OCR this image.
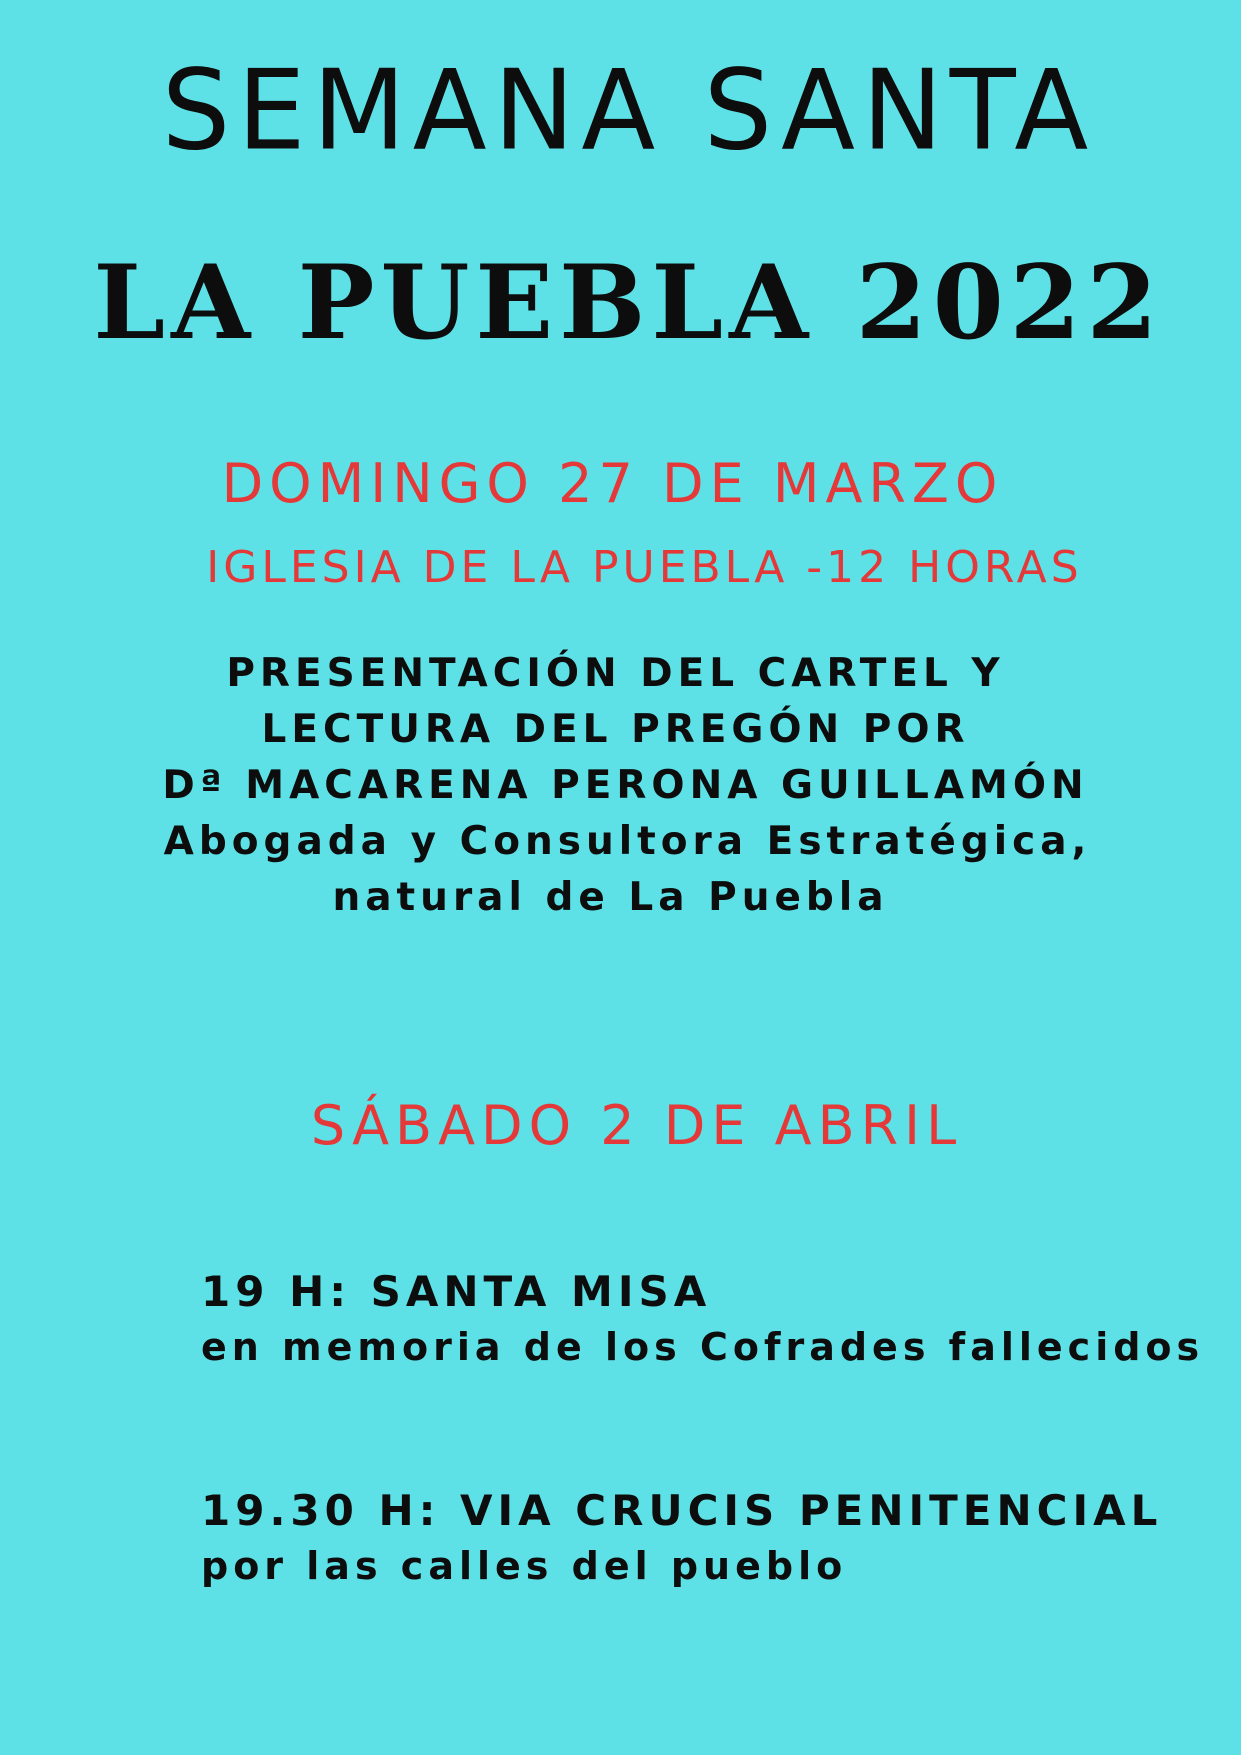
SEMANA SANTA
LA PUEBLA 2022
DOMINGO 27 DE MARZO
IGLESIA DE LA PUEBLA -12 HORAS
PRESENTACIÓN DEL CARTEL Y
LECTURA DEL PREGÓN POR
Dª MACARENA PERONA GUILLAMÓN
Abogada y Consultora Estratégica,
natural de La Puebla
SÁBADO 2 DE ABRIL
19 H: SANTA MISA
en memoria de los Cofrades fallecidos
19.30 H: VIA CRUCIS PENITENCIAL
por las calles del pueblo
